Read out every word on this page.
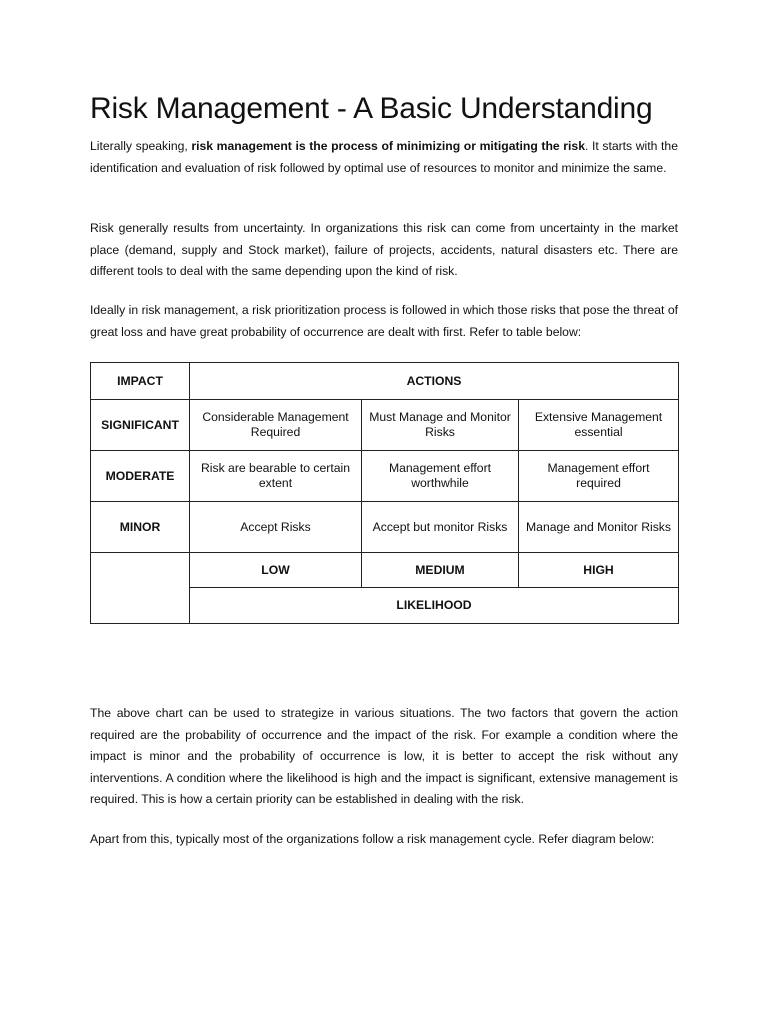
Risk Management - A Basic Understanding

Literally speaking, risk management is the process of minimizing or mitigating the risk. It starts with the identification and evaluation of risk followed by optimal use of resources to monitor and minimize the same.

Risk generally results from uncertainty. In organizations this risk can come from uncertainty in the market place (demand, supply and Stock market), failure of projects, accidents, natural disasters etc. There are different tools to deal with the same depending upon the kind of risk.

Ideally in risk management, a risk prioritization process is followed in which those risks that pose the threat of great loss and have great probability of occurrence are dealt with first. Refer to table below:

IMPACT	ACTIONS		
SIGNIFICANT	Considerable Management Required	Must Manage and Monitor Risks	Extensive Management essential
MODERATE	Risk are bearable to certain extent	Management effort worthwhile	Management effort required
MINOR	Accept Risks	Accept but monitor Risks	Manage and Monitor Risks
	LOW	MEDIUM	HIGH
	LIKELIHOOD		

The above chart can be used to strategize in various situations. The two factors that govern the action required are the probability of occurrence and the impact of the risk. For example a condition where the impact is minor and the probability of occurrence is low, it is better to accept the risk without any interventions. A condition where the likelihood is high and the impact is significant, extensive management is required. This is how a certain priority can be established in dealing with the risk.

Apart from this, typically most of the organizations follow a risk management cycle. Refer diagram below:
